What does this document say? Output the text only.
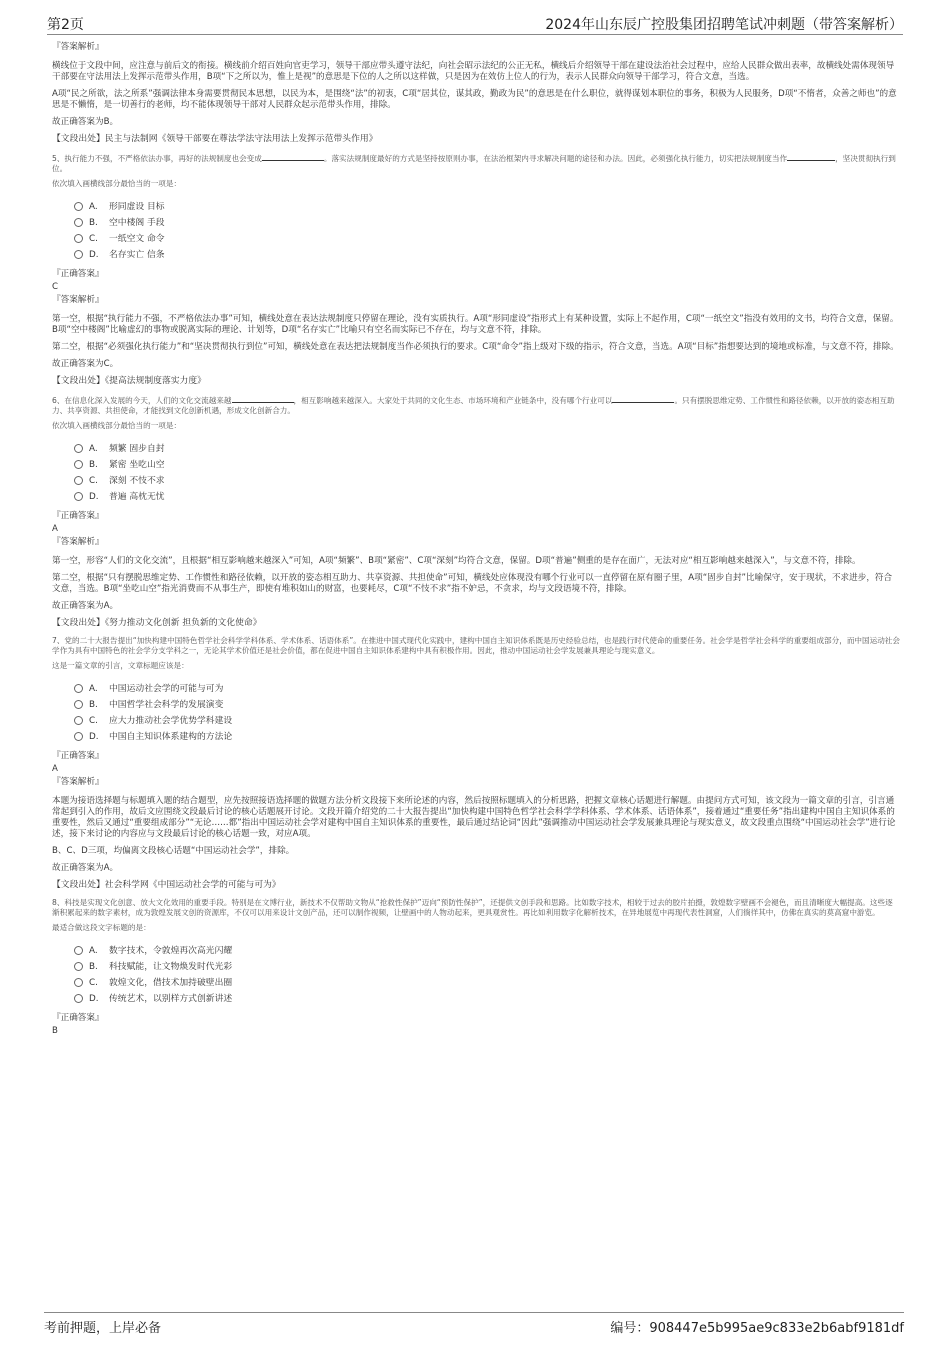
第2页	2024年山东辰广控股集团招聘笔试冲刺题（带答案解析）
『答案解析』
横线位于文段中间，应注意与前后文的衔接。横线前介绍百姓向官吏学习，领导干部应带头遵守法纪，向社会昭示法纪的公正无私，横线后介绍领导干部在建设法治社会过程中，应给人民群众做出表率，故横线处需体现领导干部要在守法用法上发挥示范带头作用，B项“下之所以为，惟上是视”的意思是下位的人之所以这样做，只是因为在效仿上位人的行为，表示人民群众向领导干部学习，符合文意，当选。
A项“民之所欲，法之所系”强调法律本身需要贯彻民本思想，以民为本，是围绕“法”的初衷，C项“居其位，谋其政，勤政为民”的意思是在什么职位，就得谋划本职位的事务，积极为人民服务，D项“不惰者，众善之师也”的意思是不懒惰，是一切善行的老师，均不能体现领导干部对人民群众起示范带头作用，排除。
故正确答案为B。
【文段出处】民主与法制网《领导干部要在尊法学法守法用法上发挥示范带头作用》
5、执行能力不强，不严格依法办事，再好的法规制度也会变成	。落实法规制度最好的方式是坚持按原则办事，在法治框架内寻求解决问题的途径和办法。因此，必须强化执行能力，切实把法规制度当作	，坚决贯彻执行到位。
依次填入画横线部分最恰当的一项是：
A. 形同虚设 目标
B. 空中楼阁 手段
C. 一纸空文 命令
D. 名存实亡 信条
『正确答案』
C
『答案解析』
第一空，根据“执行能力不强，不严格依法办事”可知，横线处意在表达法规制度只停留在理论，没有实质执行。A项“形同虚设”指形式上有某种设置，实际上不起作用，C项“一纸空文”指没有效用的文书，均符合文意，保留。B项“空中楼阁”比喻虚幻的事物或脱离实际的理论、计划等，D项“名存实亡”比喻只有空名而实际已不存在，均与文意不符，排除。
第二空，根据“必须强化执行能力”和“坚决贯彻执行到位”可知，横线处意在表达把法规制度当作必须执行的要求。C项“命令”指上级对下级的指示，符合文意，当选。A项“目标”指想要达到的境地或标准，与文意不符，排除。
故正确答案为C。
【文段出处】《提高法规制度落实力度》
6、在信息化深入发展的今天，人们的文化交流越来越	，相互影响越来越深入。大家处于共同的文化生态、市场环境和产业链条中，没有哪个行业可以	。只有摆脱思维定势、工作惯性和路径依赖，以开放的姿态相互助力、共享资源、共担使命，才能找到文化创新机遇，形成文化创新合力。
依次填入画横线部分最恰当的一项是：
A. 频繁 固步自封
B. 紧密 坐吃山空
C. 深刻 不忮不求
D. 普遍 高枕无忧
『正确答案』
A
『答案解析』
第一空，形容“人们的文化交流”，且根据“相互影响越来越深入”可知，A项“频繁”、B项“紧密”、C项“深刻”均符合文意，保留。D项“普遍”侧重的是存在面广，无法对应“相互影响越来越深入”，与文意不符，排除。
第二空，根据“只有摆脱思维定势、工作惯性和路径依赖，以开放的姿态相互助力、共享资源、共担使命”可知，横线处应体现没有哪个行业可以一直停留在原有圈子里，A项“固步自封”比喻保守，安于现状，不求进步，符合文意，当选。B项“坐吃山空”指光消费而不从事生产，即使有堆积如山的财富，也要耗尽，C项“不忮不求”指不妒忌，不贪求，均与文段语境不符，排除。
故正确答案为A。
【文段出处】《努力推动文化创新 担负新的文化使命》
7、党的二十大报告提出“加快构建中国特色哲学社会科学学科体系、学术体系、话语体系”。在推进中国式现代化实践中，建构中国自主知识体系既是历史经验总结，也是践行时代使命的重要任务。社会学是哲学社会科学的重要组成部分，而中国运动社会学作为具有中国特色的社会学分支学科之一，无论其学术价值还是社会价值，都在促进中国自主知识体系建构中具有积极作用。因此，推动中国运动社会学发展兼具理论与现实意义。
这是一篇文章的引言，文章标题应该是：
A. 中国运动社会学的可能与可为
B. 中国哲学社会科学的发展演变
C. 应大力推动社会学优势学科建设
D. 中国自主知识体系建构的方法论
『正确答案』
A
『答案解析』
本题为接语选择题与标题填入题的结合题型，应先按照接语选择题的做题方法分析文段接下来所论述的内容，然后按照标题填入的分析思路，把握文章核心话题进行解题。由提问方式可知，该文段为一篇文章的引言，引言通常起到引入的作用，故后文应围绕文段最后讨论的核心话题展开讨论。文段开篇介绍党的二十大报告提出“加快构建中国特色哲学社会科学学科体系、学术体系、话语体系”，接着通过“重要任务”指出建构中国自主知识体系的重要性，然后又通过“重要组成部分”“无论……都”指出中国运动社会学对建构中国自主知识体系的重要性，最后通过结论词“因此”强调推动中国运动社会学发展兼具理论与现实意义，故文段重点围绕“中国运动社会学”进行论述，接下来讨论的内容应与文段最后讨论的核心话题一致，对应A项。
B、C、D三项，均偏离文段核心话题“中国运动社会学”，排除。
故正确答案为A。
【文段出处】社会科学网《中国运动社会学的可能与可为》
8、科技是实现文化创意、放大文化效用的重要手段。特别是在文博行业，新技术不仅帮助文物从“抢救性保护”迈向“预防性保护”，还提供文创手段和思路。比如数字技术，相较于过去的胶片拍摄，敦煌数字壁画不会褪色，而且清晰度大幅提高。这些逐渐积累起来的数字素材，成为敦煌发展文创的资源库，不仅可以用来设计文创产品，还可以制作视频，让壁画中的人物动起来，更具观赏性。再比如利用数字化解析技术，在异地展览中再现代表性洞窟，人们徜徉其中，仿佛在真实的莫高窟中游览。
最适合做这段文字标题的是：
A. 数字技术，令敦煌再次高光闪耀
B. 科技赋能，让文物焕发时代光彩
C. 敦煌文化，借技术加持破壁出圈
D. 传统艺术，以别样方式创新讲述
『正确答案』
B
考前押题，上岸必备	编号：908447e5b995ae9c833e2b6abf9181df
